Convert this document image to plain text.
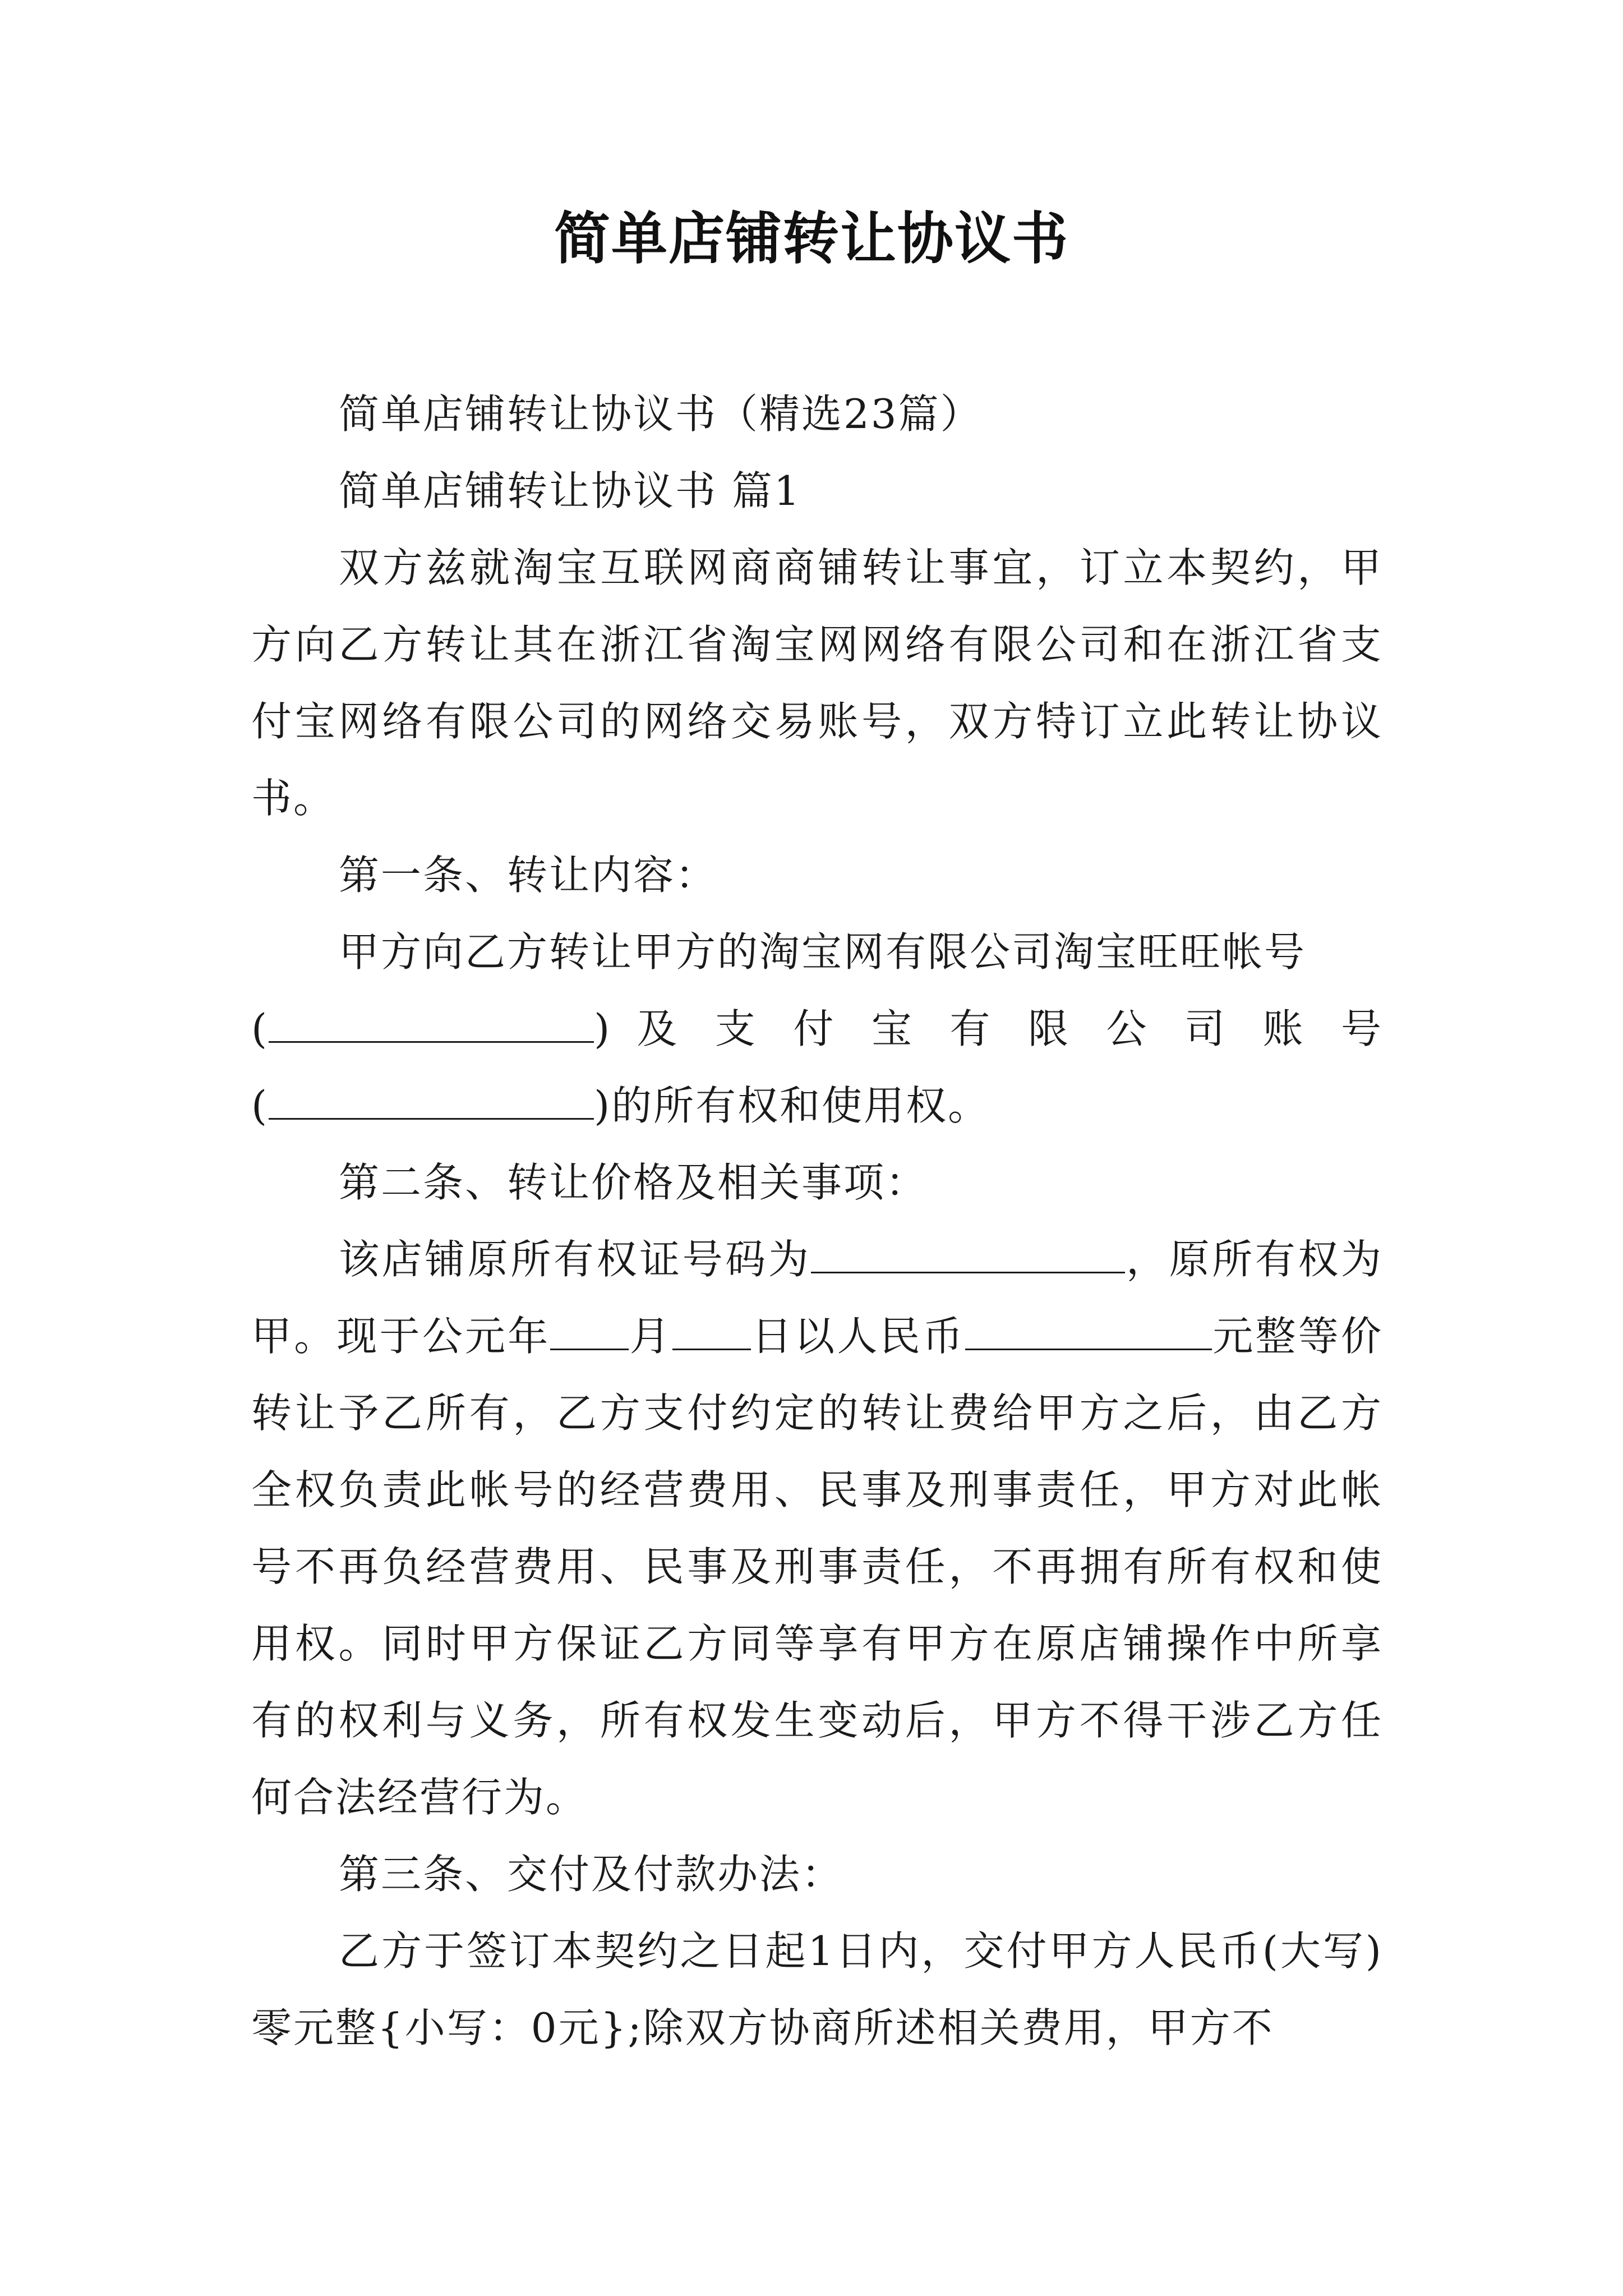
简单店铺转让协议书

简单店铺转让协议书（精选23篇）

简单店铺转让协议书 篇1

双方兹就淘宝互联网商商铺转让事宜，订立本契约，甲方向乙方转让其在浙江省淘宝网网络有限公司和在浙江省支付宝网络有限公司的网络交易账号，双方特订立此转让协议书。

第一条、转让内容：

甲方向乙方转让甲方的淘宝网有限公司淘宝旺旺帐号

(	) 及 支 付 宝 有 限 公 司 账 号

(	)的所有权和使用权。

第二条、转让价格及相关事项：

该店铺原所有权证号码为	，原所有权为甲。现于公元年 月 日以人民币	元整等价转让予乙所有，乙方支付约定的转让费给甲方之后，由乙方全权负责此帐号的经营费用、民事及刑事责任，甲方对此帐号不再负经营费用、民事及刑事责任，不再拥有所有权和使用权。同时甲方保证乙方同等享有甲方在原店铺操作中所享有的权利与义务，所有权发生变动后，甲方不得干涉乙方任何合法经营行为。

第三条、交付及付款办法：

乙方于签订本契约之日起1日内，交付甲方人民币(大写)零元整{小写：0元};除双方协商所述相关费用，甲方不
